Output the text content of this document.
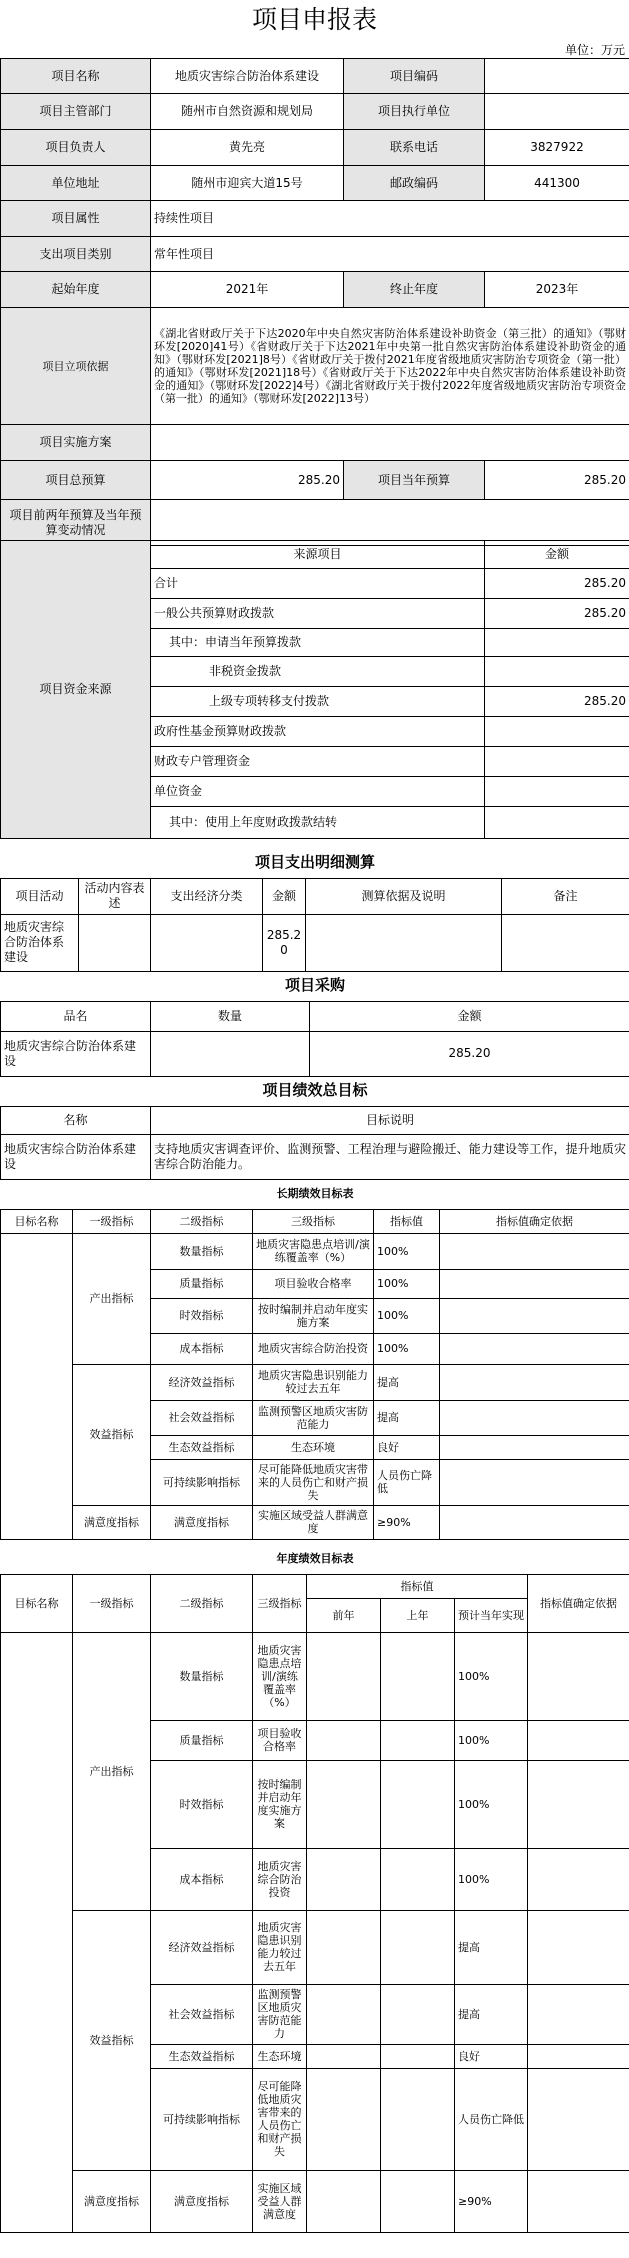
项目申报表
单位：万元
项目名称	地质灾害综合防治体系建设	项目编码	
项目主管部门	随州市自然资源和规划局	项目执行单位	
项目负责人	黄先亮	联系电话	3827922
单位地址	随州市迎宾大道15号	邮政编码	441300
项目属性	持续性项目		
支出项目类别	常年性项目		
起始年度	2021年	终止年度	2023年
项目立项依据	《湖北省财政厅关于下达2020年中央自然灾害防治体系建设补助资金（第三批）的通知》（鄂财环发[2020]41号）《省财政厅关于下达2021年中央第一批自然灾害防治体系建设补助资金的通知》（鄂财环发[2021]8号）《省财政厅关于拨付2021年度省级地质灾害防治专项资金（第一批）的通知》（鄂财环发[2021]18号）《省财政厅关于下达2022年中央自然灾害防治体系建设补助资金的通知》（鄂财环发[2022]4号）《湖北省财政厅关于拨付2022年度省级地质灾害防治专项资金（第一批）的通知》（鄂财环发[2022]13号）		
项目实施方案			
项目总预算	285.20	项目当年预算	285.20
项目前两年预算及当年预算变动情况			
项目资金来源	来源项目	金额
	合计	285.20
	一般公共预算财政拨款	285.20
	其中：申请当年预算拨款	
	非税资金拨款	
	上级专项转移支付拨款	285.20
	政府性基金预算财政拨款	
	财政专户管理资金	
	单位资金	
	其中：使用上年度财政拨款结转	
项目支出明细测算					
项目活动	活动内容表述	支出经济分类	金额	测算依据及说明	备注
地质灾害综合防治体系建设			285.20		
项目采购		
品名	数量	金额
地质灾害综合防治体系建设		285.20
项目绩效总目标	
名称	目标说明
地质灾害综合防治体系建设	支持地质灾害调查评价、监测预警、工程治理与避险搬迁、能力建设等工作，提升地质灾害综合防治能力。
长期绩效目标表					
目标名称	一级指标	二级指标	三级指标	指标值	指标值确定依据
	产出指标	数量指标	地质灾害隐患点培训/演练覆盖率（%）	100%	
		质量指标	项目验收合格率	100%	
		时效指标	按时编制并启动年度实施方案	100%	
		成本指标	地质灾害综合防治投资	100%	
	效益指标	经济效益指标	地质灾害隐患识别能力较过去五年	提高	
		社会效益指标	监测预警区地质灾害防范能力	提高	
		生态效益指标	生态环境	良好	
		可持续影响指标	尽可能降低地质灾害带来的人员伤亡和财产损失	人员伤亡降低	
	满意度指标	满意度指标	实施区域受益人群满意度	≥90%	
年度绩效目标表							
目标名称	一级指标	二级指标	三级指标	指标值			指标值确定依据
				前年	上年	预计当年实现	
	产出指标	数量指标	地质灾害隐患点培训/演练覆盖率（%）			100%	
		质量指标	项目验收合格率			100%	
		时效指标	按时编制并启动年度实施方案			100%	
		成本指标	地质灾害综合防治投资			100%	
	效益指标	经济效益指标	地质灾害隐患识别能力较过去五年			提高	
		社会效益指标	监测预警区地质灾害防范能力			提高	
		生态效益指标	生态环境			良好	
		可持续影响指标	尽可能降低地质灾害带来的人员伤亡和财产损失			人员伤亡降低	
	满意度指标	满意度指标	实施区域受益人群满意度			≥90%	
